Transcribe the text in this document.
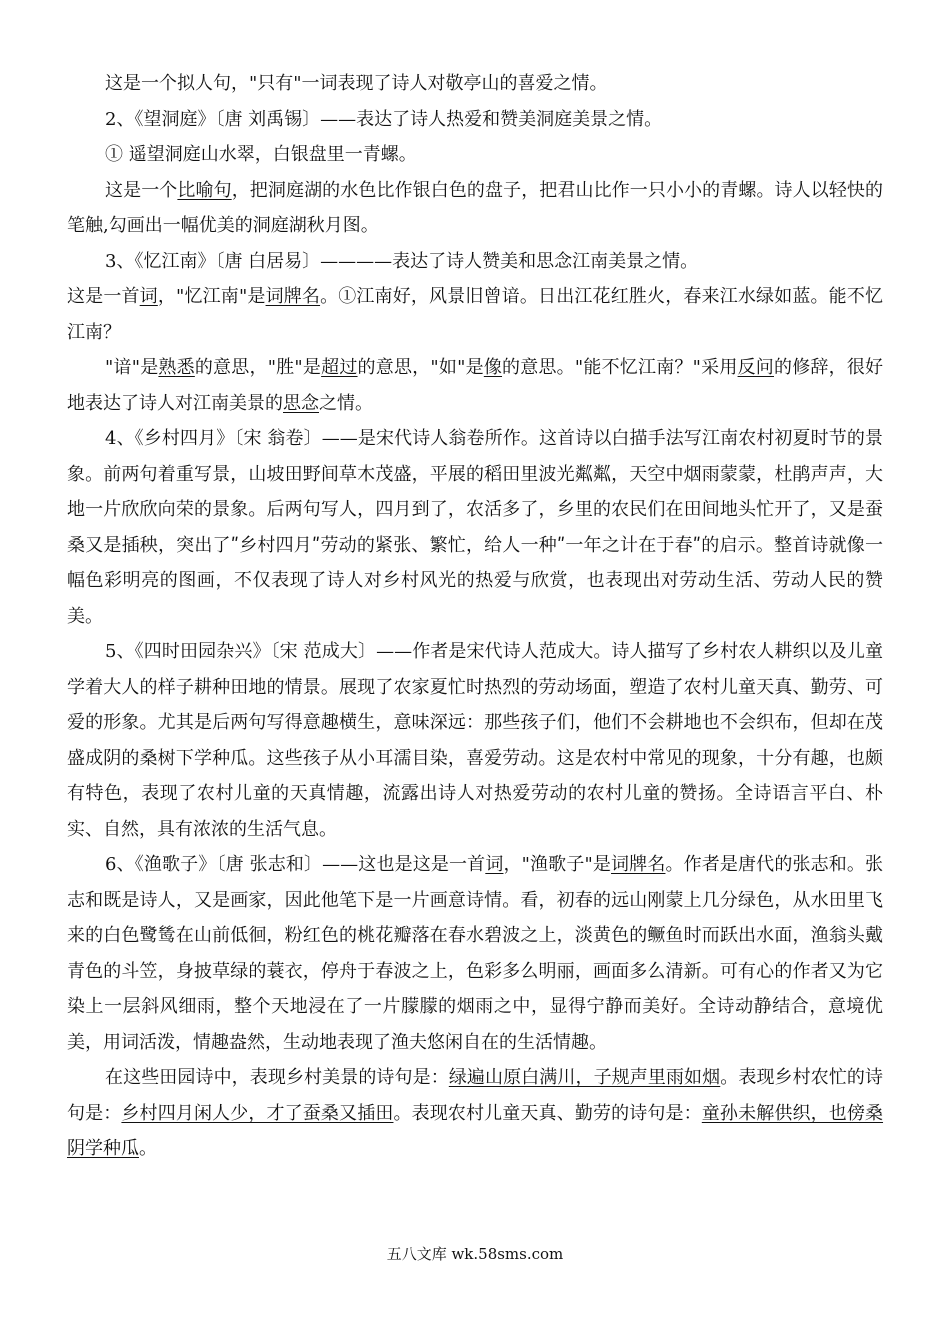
这是一个拟人句，"只有"一词表现了诗人对敬亭山的喜爱之情。

2、《望洞庭》〔唐 刘禹锡〕——表达了诗人热爱和赞美洞庭美景之情。

① 遥望洞庭山水翠，白银盘里一青螺。

这是一个比喻句，把洞庭湖的水色比作银白色的盘子，把君山比作一只小小的青螺。诗人以轻快的笔触,勾画出一幅优美的洞庭湖秋月图。

3、《忆江南》〔唐 白居易〕————表达了诗人赞美和思念江南美景之情。

这是一首词，"忆江南"是词牌名。①江南好，风景旧曾谙。日出江花红胜火，春来江水绿如蓝。能不忆江南？

"谙"是熟悉的意思，"胜"是超过的意思，"如"是像的意思。"能不忆江南？"采用反问的修辞，很好地表达了诗人对江南美景的思念之情。

4、《乡村四月》〔宋 翁卷〕——是宋代诗人翁卷所作。这首诗以白描手法写江南农村初夏时节的景象。前两句着重写景，山坡田野间草木茂盛，平展的稻田里波光粼粼，天空中烟雨蒙蒙，杜鹃声声，大地一片欣欣向荣的景象。后两句写人，四月到了，农活多了，乡里的农民们在田间地头忙开了，又是蚕桑又是插秧，突出了ʺ乡村四月ʺ劳动的紧张、繁忙，给人一种ʺ一年之计在于春ʺ的启示。整首诗就像一幅色彩明亮的图画，不仅表现了诗人对乡村风光的热爱与欣赏，也表现出对劳动生活、劳动人民的赞美。

5、《四时田园杂兴》〔宋 范成大〕——作者是宋代诗人范成大。诗人描写了乡村农人耕织以及儿童学着大人的样子耕种田地的情景。展现了农家夏忙时热烈的劳动场面，塑造了农村儿童天真、勤劳、可爱的形象。尤其是后两句写得意趣横生，意味深远：那些孩子们，他们不会耕地也不会织布，但却在茂盛成阴的桑树下学种瓜。这些孩子从小耳濡目染，喜爱劳动。这是农村中常见的现象，十分有趣，也颇有特色，表现了农村儿童的天真情趣，流露出诗人对热爱劳动的农村儿童的赞扬。全诗语言平白、朴实、自然，具有浓浓的生活气息。

6、《渔歌子》〔唐 张志和〕——这也是这是一首词，"渔歌子"是词牌名。作者是唐代的张志和。张志和既是诗人，又是画家，因此他笔下是一片画意诗情。看，初春的远山刚蒙上几分绿色，从水田里飞来的白色鹭鸶在山前低徊，粉红色的桃花瓣落在春水碧波之上，淡黄色的鳜鱼时而跃出水面，渔翁头戴青色的斗笠，身披草绿的蓑衣，停舟于春波之上，色彩多么明丽，画面多么清新。可有心的作者又为它染上一层斜风细雨，整个天地浸在了一片朦朦的烟雨之中，显得宁静而美好。全诗动静结合，意境优美，用词活泼，情趣盎然，生动地表现了渔夫悠闲自在的生活情趣。

在这些田园诗中，表现乡村美景的诗句是：绿遍山原白满川，子规声里雨如烟。表现乡村农忙的诗句是：乡村四月闲人少，才了蚕桑又插田。表现农村儿童天真、勤劳的诗句是：童孙未解供织，也傍桑阴学种瓜。

五八文库 wk.58sms.com
